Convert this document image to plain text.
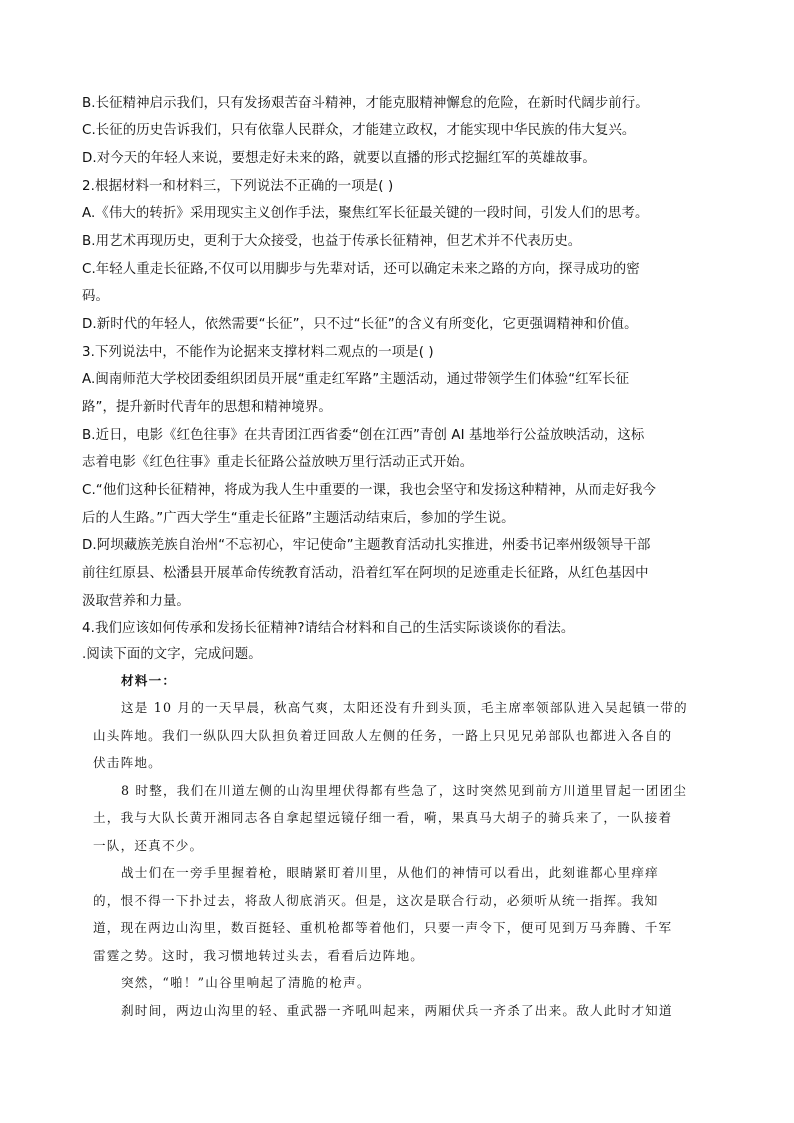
B.长征精神启示我们，只有发扬艰苦奋斗精神，才能克服精神懈怠的危险，在新时代阔步前行。
C.长征的历史告诉我们，只有依靠人民群众，才能建立政权，才能实现中华民族的伟大复兴。
D.对今天的年轻人来说，要想走好未来的路，就要以直播的形式挖掘红军的英雄故事。
2.根据材料一和材料三，下列说法不正确的一项是( )
A.《伟大的转折》采用现实主义创作手法，聚焦红军长征最关键的一段时间，引发人们的思考。
B.用艺术再现历史，更利于大众接受，也益于传承长征精神，但艺术并不代表历史。
C.年轻人重走长征路,不仅可以用脚步与先辈对话，还可以确定未来之路的方向，探寻成功的密
码。
D.新时代的年轻人，依然需要“长征”，只不过“长征”的含义有所变化，它更强调精神和价值。
3.下列说法中，不能作为论据来支撑材料二观点的一项是( )
A.闽南师范大学校团委组织团员开展“重走红军路”主题活动，通过带领学生们体验“红军长征
路”，提升新时代青年的思想和精神境界。
B.近日，电影《红色往事》在共青团江西省委“创在江西”青创 AI 基地举行公益放映活动，这标
志着电影《红色往事》重走长征路公益放映万里行活动正式开始。
C.“他们这种长征精神，将成为我人生中重要的一课，我也会坚守和发扬这种精神，从而走好我今
后的人生路。”广西大学生“重走长征路”主题活动结束后，参加的学生说。
D.阿坝藏族羌族自治州“不忘初心，牢记使命”主题教育活动扎实推进，州委书记率州级领导干部
前往红原县、松潘县开展革命传统教育活动，沿着红军在阿坝的足迹重走长征路，从红色基因中
汲取营养和力量。
4.我们应该如何传承和发扬长征精神?请结合材料和自己的生活实际谈谈你的看法。
.阅读下面的文字，完成问题。
材料一：
这是 10 月的一天早晨，秋高气爽，太阳还没有升到头顶，毛主席率领部队进入吴起镇一带的
山头阵地。我们一纵队四大队担负着迂回敌人左侧的任务，一路上只见兄弟部队也都进入各自的
伏击阵地。
8 时整，我们在川道左侧的山沟里埋伏得都有些急了，这时突然见到前方川道里冒起一团团尘
土，我与大队长黄开湘同志各自拿起望远镜仔细一看，嗬，果真马大胡子的骑兵来了，一队接着
一队，还真不少。
战士们在一旁手里握着枪，眼睛紧盯着川里，从他们的神情可以看出，此刻谁都心里痒痒
的，恨不得一下扑过去，将敌人彻底消灭。但是，这次是联合行动，必须听从统一指挥。我知
道，现在两边山沟里，数百挺轻、重机枪都等着他们，只要一声令下，便可见到万马奔腾、千军
雷霆之势。这时，我习惯地转过头去，看看后边阵地。
突然，“啪！”山谷里响起了清脆的枪声。
刹时间，两边山沟里的轻、重武器一齐吼叫起来，两厢伏兵一齐杀了出来。敌人此时才知道
